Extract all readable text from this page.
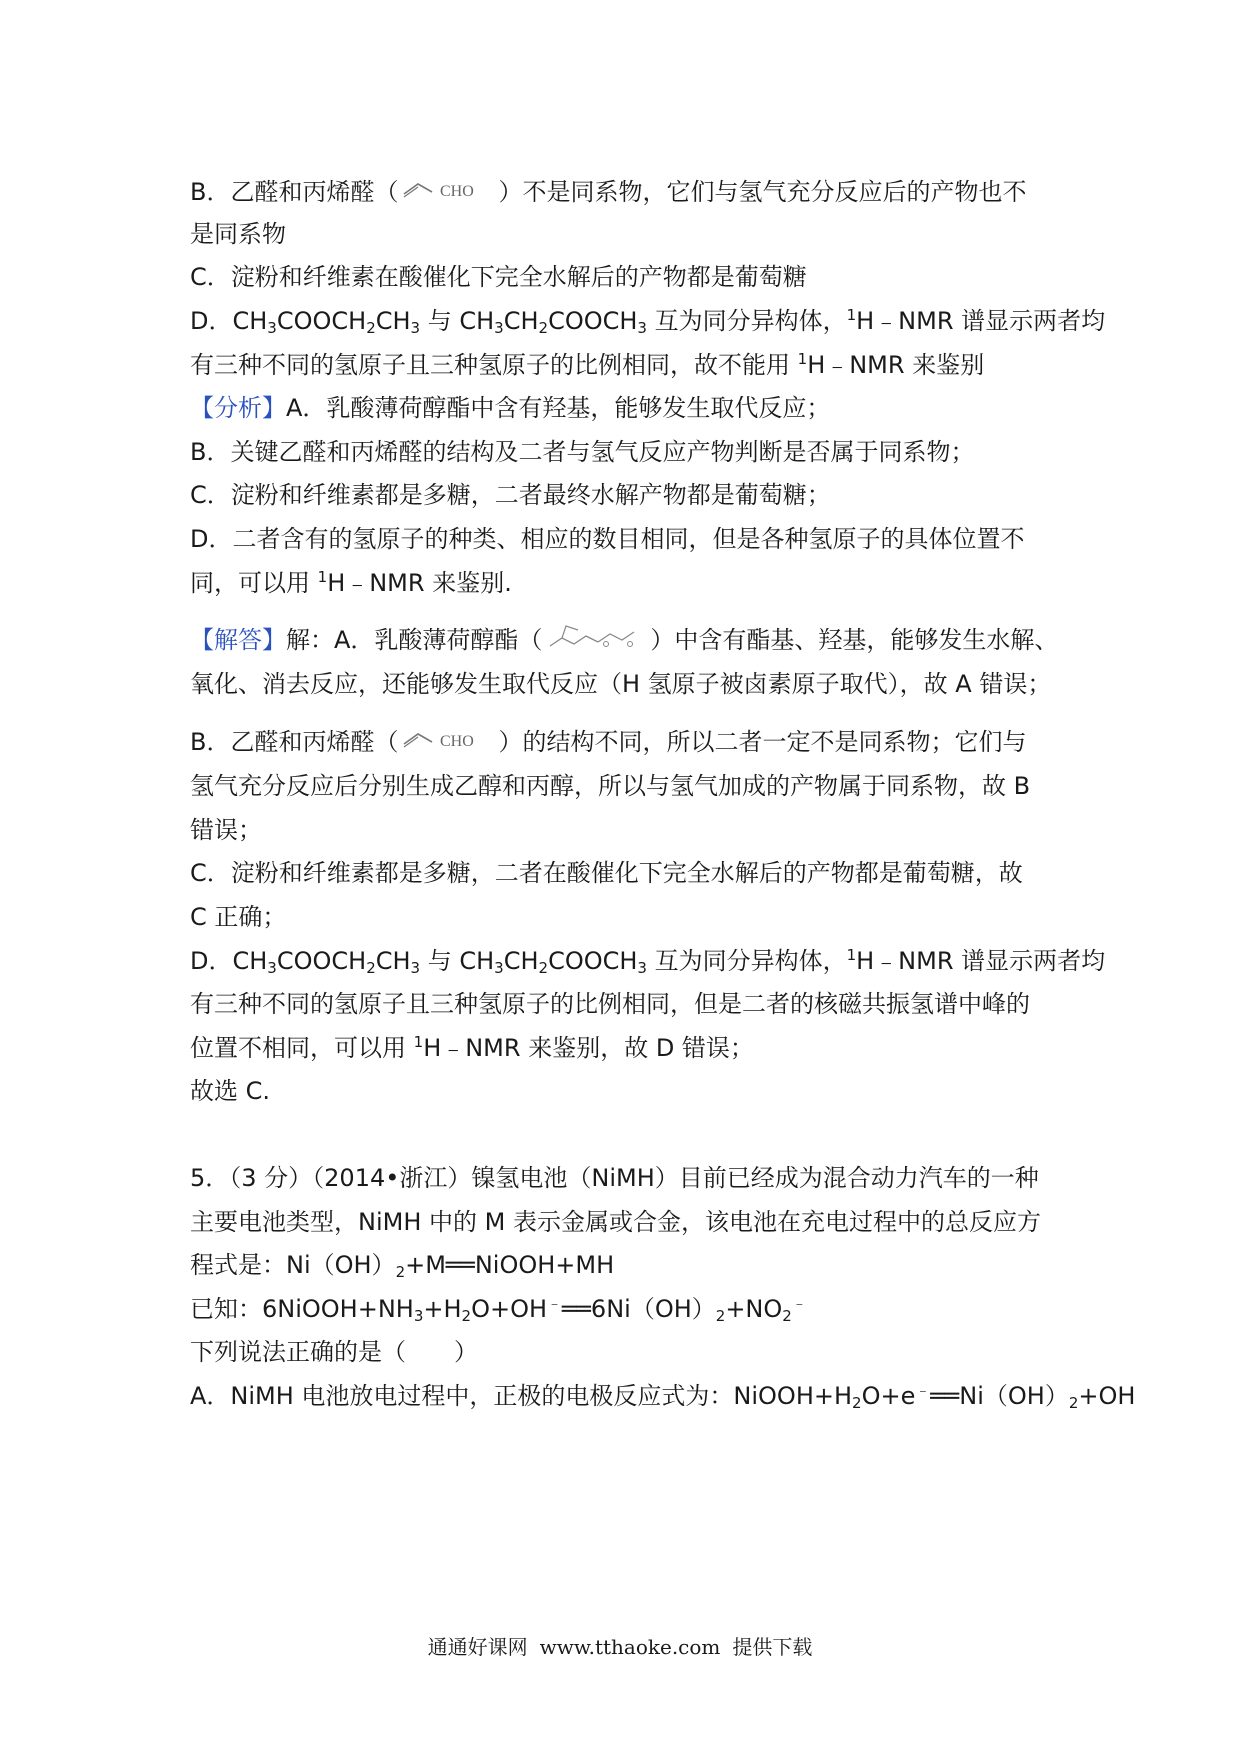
B．乙醛和丙烯醛（	CHO ）不是同系物，它们与氢气充分反应后的产物也不
是同系物
C．淀粉和纤维素在酸催化下完全水解后的产物都是葡萄糖
D．$CH_3COOCH_2CH_3$ 与 $CH_3CH_2COOCH_3$ 互为同分异构体，$^1$H﹣NMR 谱显示两者均
有三种不同的氢原子且三种氢原子的比例相同，故不能用 $^1$H﹣NMR 来鉴别
【分析】A．乳酸薄荷醇酯中含有羟基，能够发生取代反应；
B．关键乙醛和丙烯醛的结构及二者与氢气反应产物判断是否属于同系物；
C．淀粉和纤维素都是多糖，二者最终水解产物都是葡萄糖；
D．二者含有的氢原子的种类、相应的数目相同，但是各种氢原子的具体位置不
同，可以用 $^1$H﹣NMR 来鉴别.
【解答】解：A．乳酸薄荷醇酯（	）中含有酯基、羟基，能够发生水解、
氧化、消去反应，还能够发生取代反应（H 氢原子被卤素原子取代），故 A 错误；
B．乙醛和丙烯醛（	CHO ）的结构不同，所以二者一定不是同系物；它们与
氢气充分反应后分别生成乙醇和丙醇，所以与氢气加成的产物属于同系物，故 B
错误；
C．淀粉和纤维素都是多糖，二者在酸催化下完全水解后的产物都是葡萄糖，故
C 正确；
D．$CH_3COOCH_2CH_3$ 与 $CH_3CH_2COOCH_3$ 互为同分异构体，$^1$H﹣NMR 谱显示两者均
有三种不同的氢原子且三种氢原子的比例相同，但是二者的核磁共振氢谱中峰的
位置不相同，可以用 $^1$H﹣NMR 来鉴别，故 D 错误；
故选 C.
5．（3 分）（2014•浙江）镍氢电池（NiMH）目前已经成为混合动力汽车的一种
主要电池类型，NiMH 中的 M 表示金属或合金，该电池在充电过程中的总反应方
程式是：$Ni(OH)_2+M══NiOOH+MH$
已知：$6NiOOH+NH_3+H_2O+OH^﹣══6Ni(OH)_2+NO_2^﹣$
下列说法正确的是（　　）
A．NiMH 电池放电过程中，正极的电极反应式为：$NiOOH+H_2O+e^﹣══Ni(OH)_2+OH$
通通好课网 www.tthaoke.com 提供下载
